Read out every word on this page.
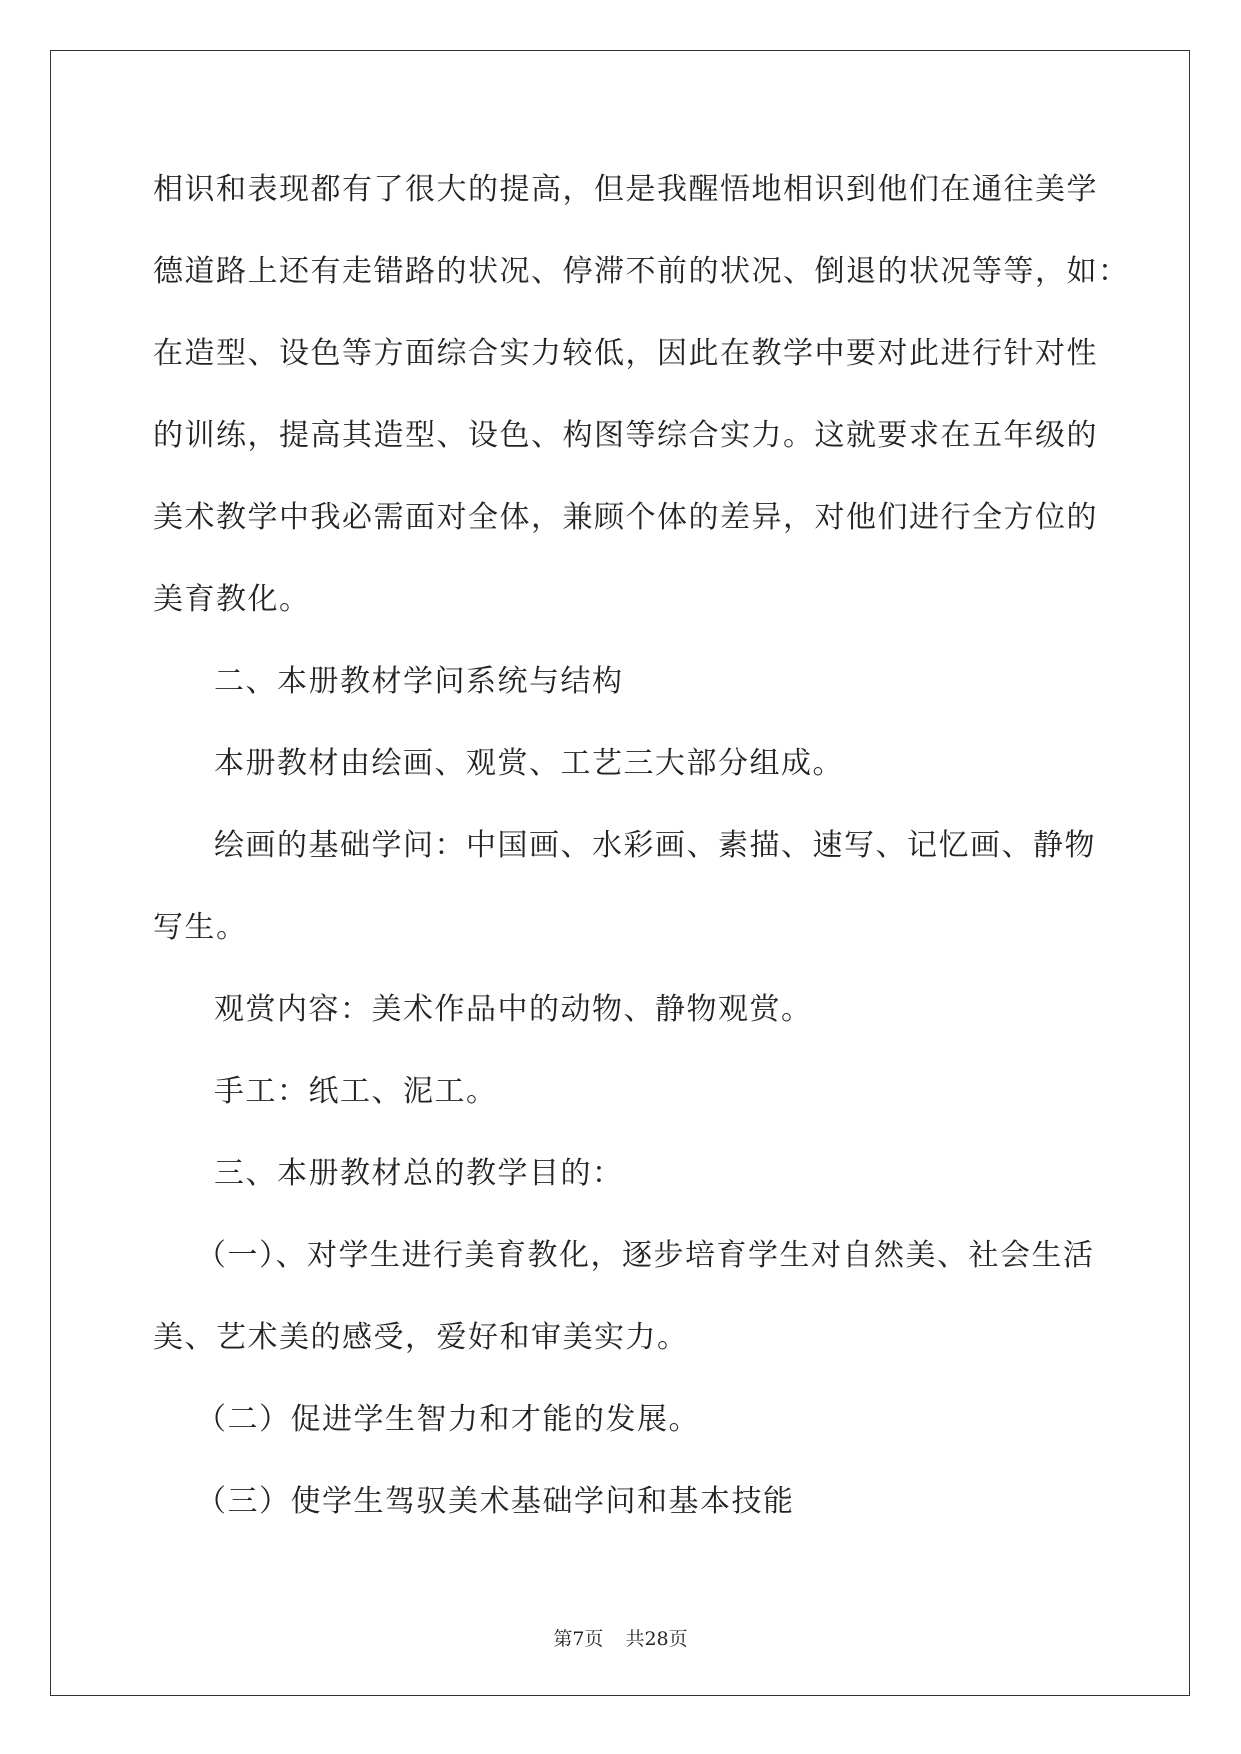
相识和表现都有了很大的提高，但是我醒悟地相识到他们在通往美学
德道路上还有走错路的状况、停滞不前的状况、倒退的状况等等，如：
在造型、设色等方面综合实力较低，因此在教学中要对此进行针对性
的训练，提高其造型、设色、构图等综合实力。这就要求在五年级的
美术教学中我必需面对全体，兼顾个体的差异，对他们进行全方位的
美育教化。
二、本册教材学问系统与结构
本册教材由绘画、观赏、工艺三大部分组成。
绘画的基础学问：中国画、水彩画、素描、速写、记忆画、静物
写生。
观赏内容：美术作品中的动物、静物观赏。
手工：纸工、泥工。
三、本册教材总的教学目的：
（一）、对学生进行美育教化，逐步培育学生对自然美、社会生活
美、艺术美的感受，爱好和审美实力。
（二）促进学生智力和才能的发展。
（三）使学生驾驭美术基础学问和基本技能
第7页 共28页
